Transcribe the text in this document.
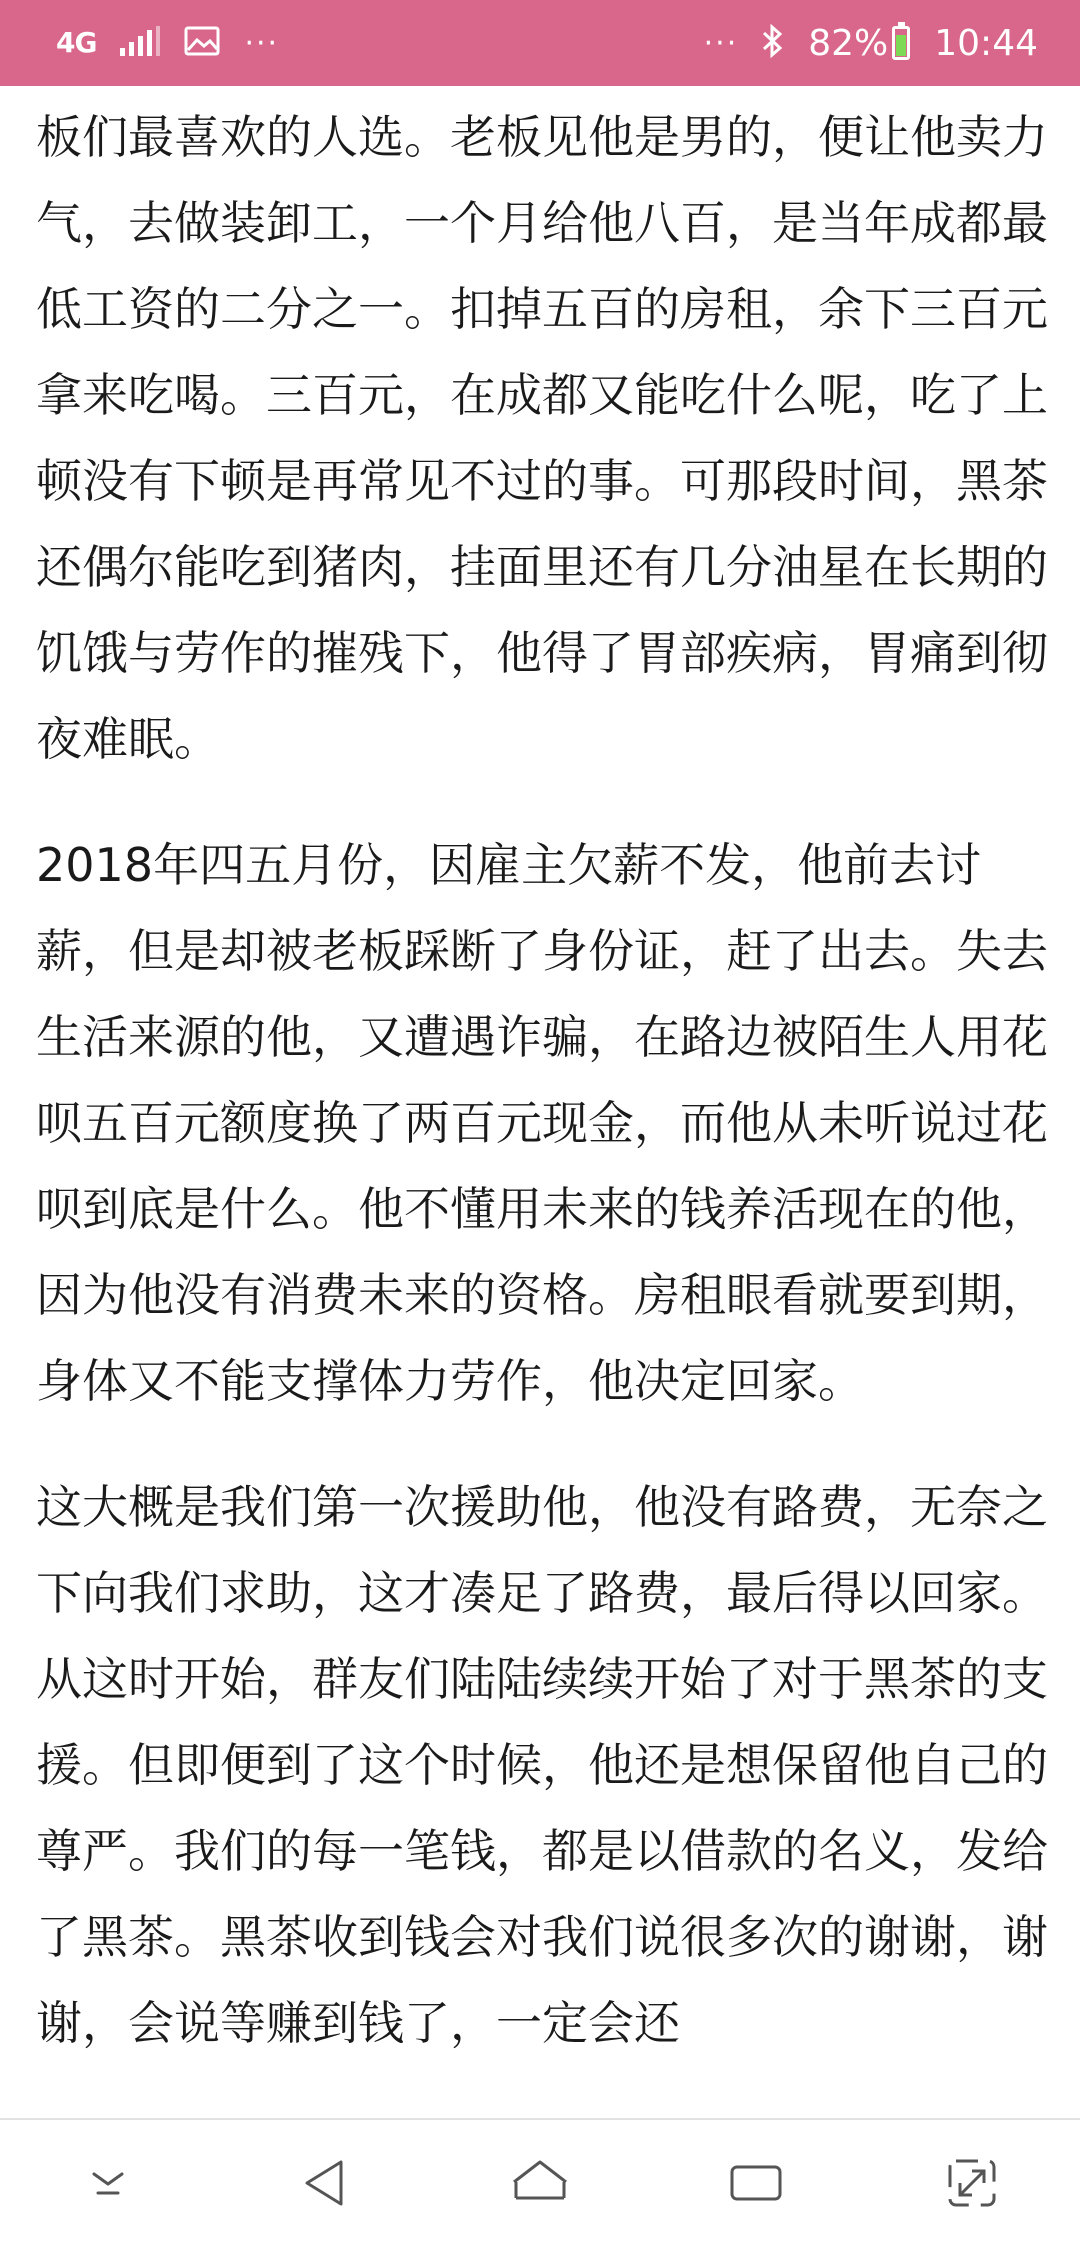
4G	···	··· 82% 10:44

板们最喜欢的人选。老板见他是男的，便让他卖力气，去做装卸工，一个月给他八百，是当年成都最低工资的二分之一。扣掉五百的房租，余下三百元拿来吃喝。三百元，在成都又能吃什么呢，吃了上顿没有下顿是再常见不过的事。可那段时间，黑茶还偶尔能吃到猪肉，挂面里还有几分油星在长期的饥饿与劳作的摧残下，他得了胃部疾病，胃痛到彻夜难眠。

2018年四五月份，因雇主欠薪不发，他前去讨薪，但是却被老板踩断了身份证，赶了出去。失去生活来源的他，又遭遇诈骗，在路边被陌生人用花呗五百元额度换了两百元现金，而他从未听说过花呗到底是什么。他不懂用未来的钱养活现在的他，因为他没有消费未来的资格。房租眼看就要到期，身体又不能支撑体力劳作，他决定回家。

这大概是我们第一次援助他，他没有路费，无奈之下向我们求助，这才凑足了路费，最后得以回家。从这时开始，群友们陆陆续续开始了对于黑茶的支援。但即便到了这个时候，他还是想保留他自己的尊严。我们的每一笔钱，都是以借款的名义，发给了黑茶。黑茶收到钱会对我们说很多次的谢谢，谢谢，会说等赚到钱了，一定会还
